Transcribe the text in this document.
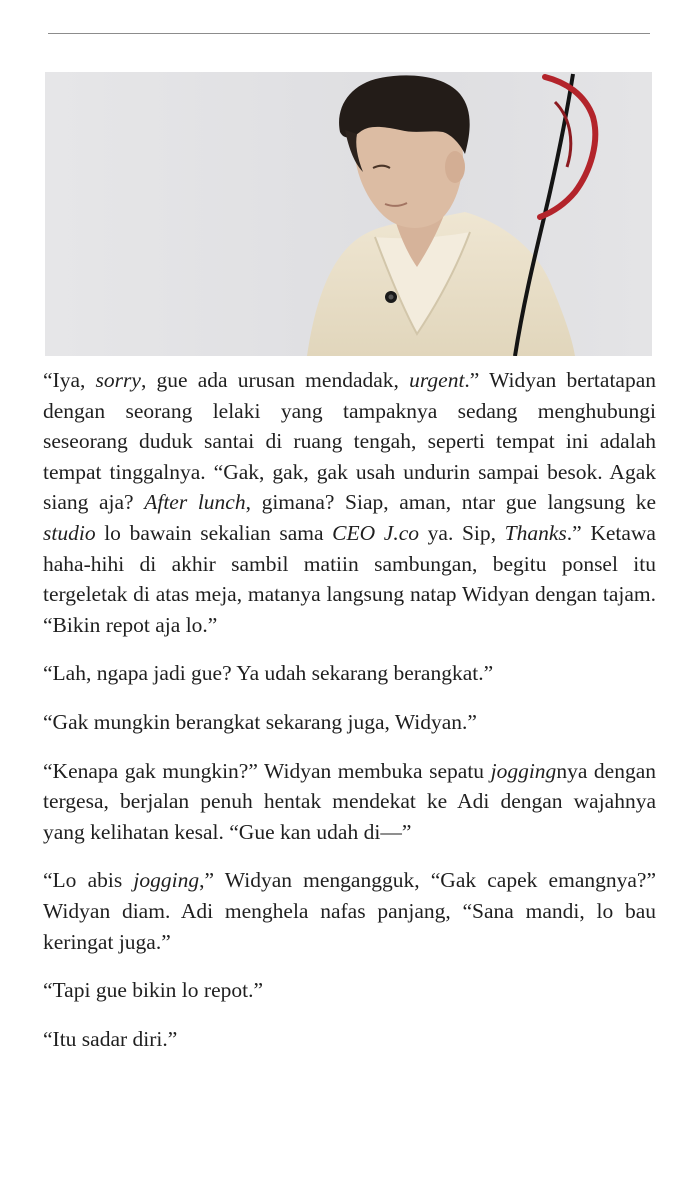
“Iya, sorry, gue ada urusan mendadak, urgent.” Widyan bertatapan dengan seorang lelaki yang tampaknya sedang menghubungi seseorang duduk santai di ruang tengah, seperti tempat ini adalah tempat tinggalnya. “Gak, gak, gak usah undurin sampai besok. Agak siang aja? After lunch, gimana? Siap, aman, ntar gue langsung ke studio lo bawain sekalian sama CEO J.co ya. Sip, Thanks.” Ketawa haha-hihi di akhir sambil matiin sambungan, begitu ponsel itu tergeletak di atas meja, matanya langsung natap Widyan dengan tajam. “Bikin repot aja lo.”

“Lah, ngapa jadi gue? Ya udah sekarang berangkat.”

“Gak mungkin berangkat sekarang juga, Widyan.”

“Kenapa gak mungkin?” Widyan membuka sepatu joggingnya dengan tergesa, berjalan penuh hentak mendekat ke Adi dengan wajahnya yang kelihatan kesal. “Gue kan udah di—”

“Lo abis jogging,” Widyan mengangguk, “Gak capek emangnya?” Widyan diam. Adi menghela nafas panjang, “Sana mandi, lo bau keringat juga.”

“Tapi gue bikin lo repot.”

“Itu sadar diri.”
